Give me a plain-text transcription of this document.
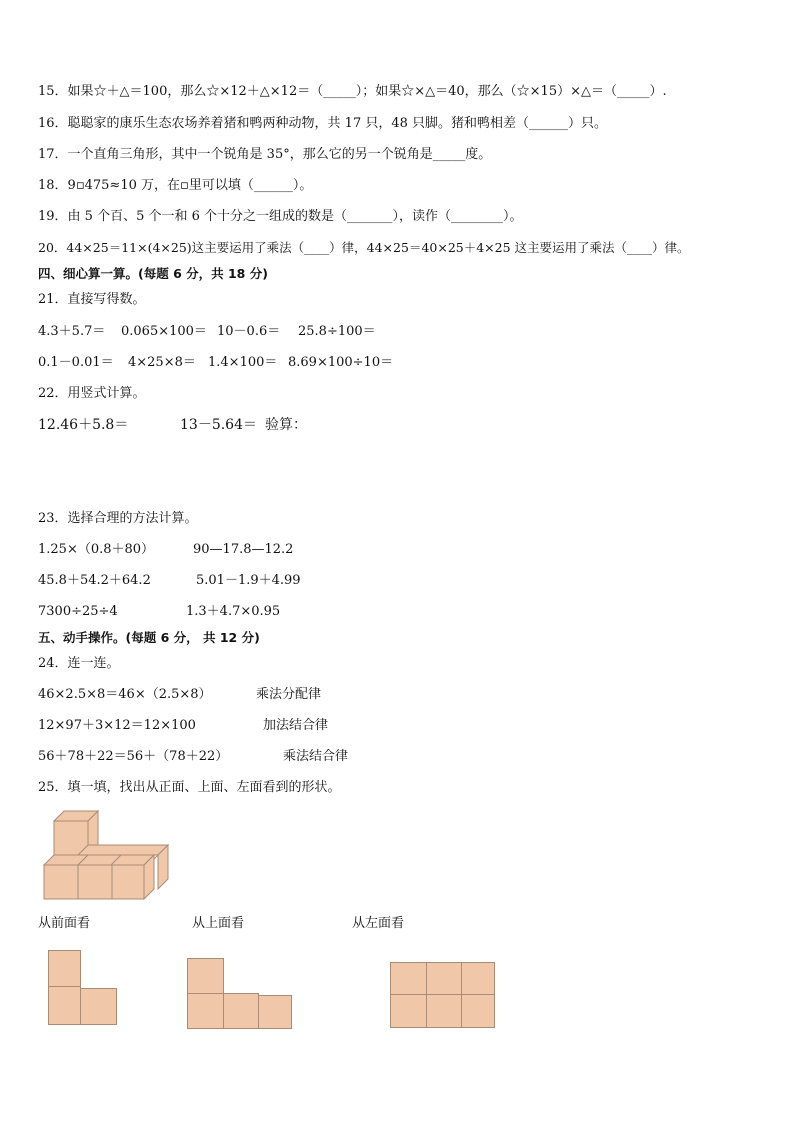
15．如果☆＋△＝100，那么☆×12＋△×12＝（_____）；如果☆×△＝40，那么（☆×15）×△＝（_____）.
16．聪聪家的康乐生态农场养着猪和鸭两种动物，共 17 只，48 只脚。猪和鸭相差（______）只。
17．一个直角三角形，其中一个锐角是 35°，那么它的另一个锐角是_____度。
18．9▫475≈10 万，在▫里可以填（______）。
19．由 5 个百、5 个一和 6 个十分之一组成的数是（_______），读作（________）。
20．44×25＝11×(4×25)这主要运用了乘法（____）律，44×25＝40×25＋4×25 这主要运用了乘法（____）律。
四、细心算一算。(每题 6 分，共 18 分)
21．直接写得数。
4.3＋5.7＝ 0.065×100＝ 10－0.6＝ 25.8÷100＝
0.1－0.01＝ 4×25×8＝ 1.4×100＝ 8.69×100÷10＝
22．用竖式计算。
12.46＋5.8＝	13－5.64＝ 验算：
23．选择合理的方法计算。
1.25×（0.8＋80）	90—17.8—12.2
45.8＋54.2＋64.2	5.01－1.9＋4.99
7300÷25÷4	1.3＋4.7×0.95
五、动手操作。(每题 6 分， 共 12 分)
24．连一连。
46×2.5×8＝46×（2.5×8）	乘法分配律
12×97＋3×12＝12×100	加法结合律
56＋78＋22＝56＋（78＋22）	乘法结合律
25．填一填，找出从正面、上面、左面看到的形状。
从前面看	从上面看	从左面看
